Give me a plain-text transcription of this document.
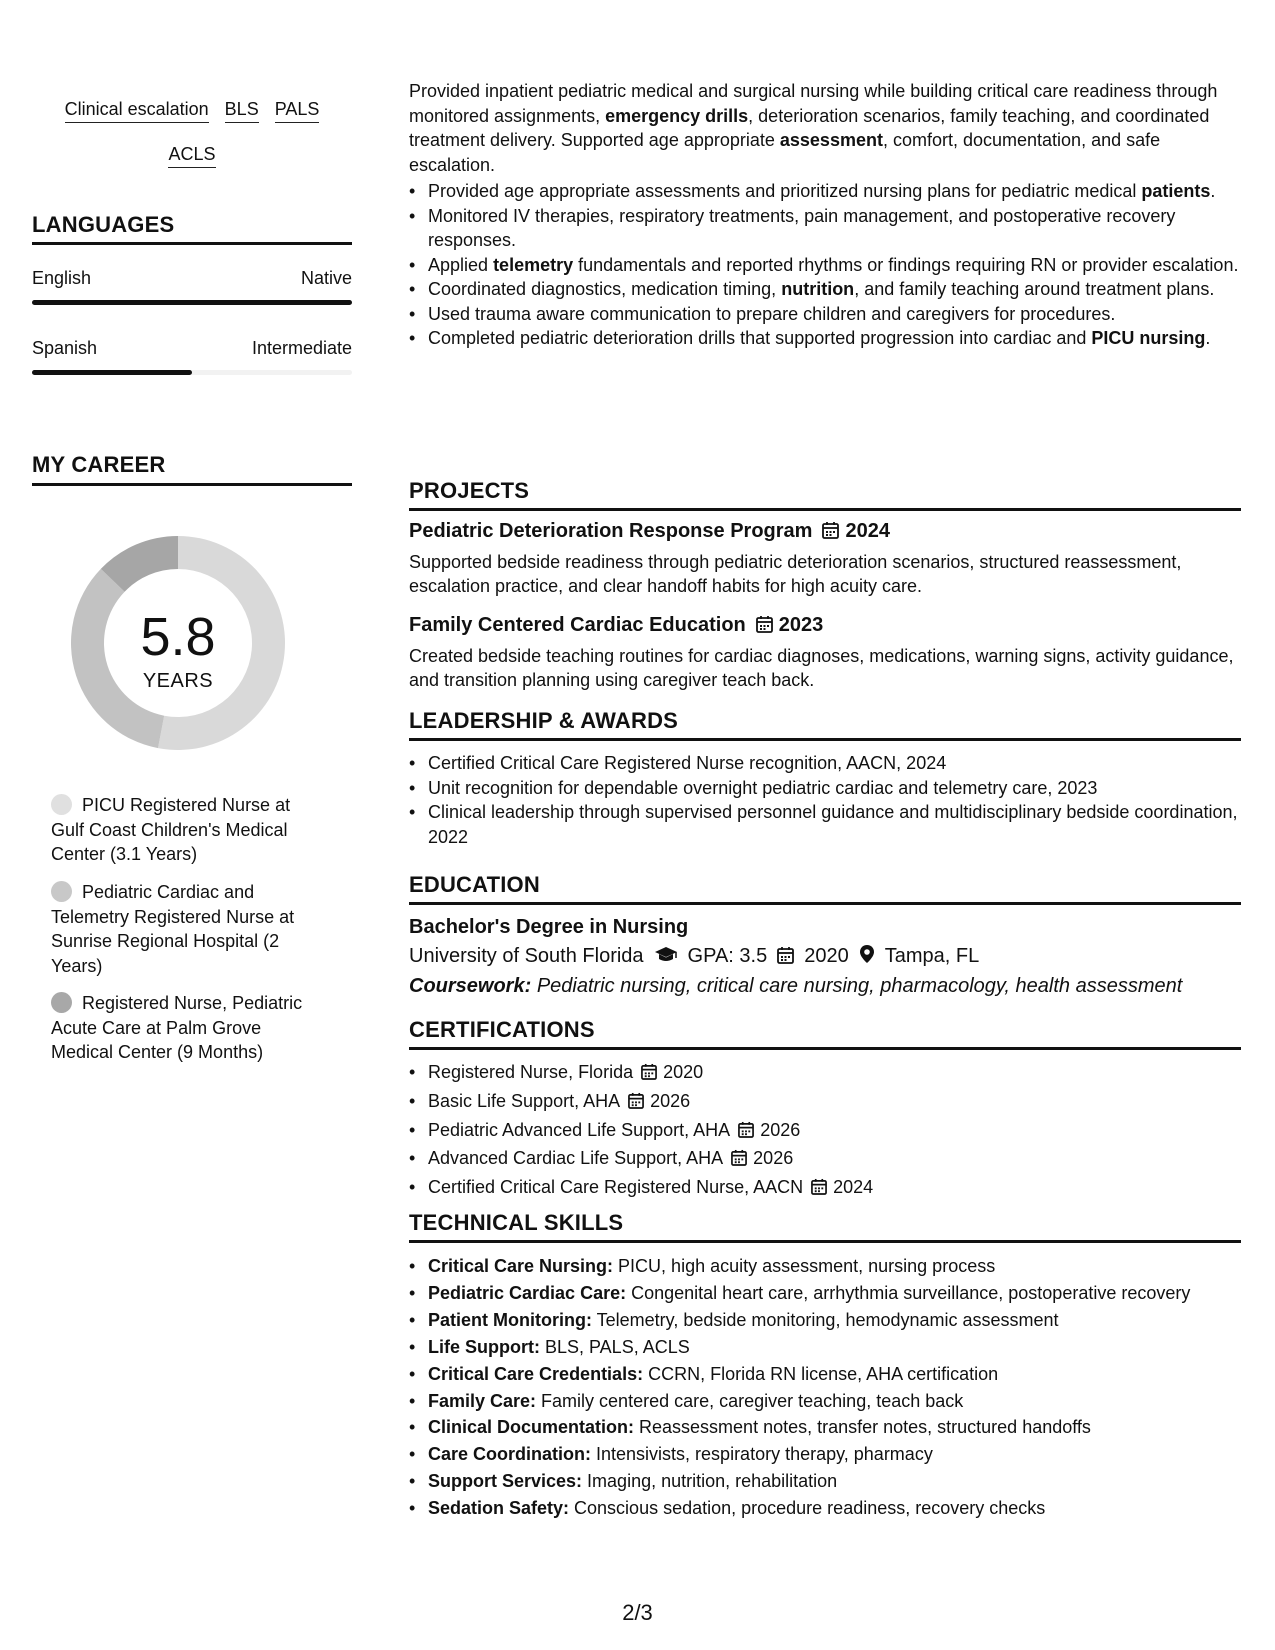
Clinical escalation BLS PALS
ACLS
LANGUAGES
English	Native
Spanish	Intermediate
MY CAREER
5.8
YEARS
PICU Registered Nurse at Gulf Coast Children's Medical Center (3.1 Years)
Pediatric Cardiac and Telemetry Registered Nurse at Sunrise Regional Hospital (2 Years)
Registered Nurse, Pediatric Acute Care at Palm Grove Medical Center (9 Months)
Provided inpatient pediatric medical and surgical nursing while building critical care readiness through monitored assignments, emergency drills, deterioration scenarios, family teaching, and coordinated treatment delivery. Supported age appropriate assessment, comfort, documentation, and safe escalation.
• Provided age appropriate assessments and prioritized nursing plans for pediatric medical patients.
• Monitored IV therapies, respiratory treatments, pain management, and postoperative recovery responses.
• Applied telemetry fundamentals and reported rhythms or findings requiring RN or provider escalation.
• Coordinated diagnostics, medication timing, nutrition, and family teaching around treatment plans.
• Used trauma aware communication to prepare children and caregivers for procedures.
• Completed pediatric deterioration drills that supported progression into cardiac and PICU nursing.
PROJECTS
Pediatric Deterioration Response Program 2024
Supported bedside readiness through pediatric deterioration scenarios, structured reassessment, escalation practice, and clear handoff habits for high acuity care.
Family Centered Cardiac Education 2023
Created bedside teaching routines for cardiac diagnoses, medications, warning signs, activity guidance, and transition planning using caregiver teach back.
LEADERSHIP & AWARDS
• Certified Critical Care Registered Nurse recognition, AACN, 2024
• Unit recognition for dependable overnight pediatric cardiac and telemetry care, 2023
• Clinical leadership through supervised personnel guidance and multidisciplinary bedside coordination, 2022
EDUCATION
Bachelor's Degree in Nursing
University of South Florida GPA: 3.5 2020 Tampa, FL
Coursework: Pediatric nursing, critical care nursing, pharmacology, health assessment
CERTIFICATIONS
• Registered Nurse, Florida 2020
• Basic Life Support, AHA 2026
• Pediatric Advanced Life Support, AHA 2026
• Advanced Cardiac Life Support, AHA 2026
• Certified Critical Care Registered Nurse, AACN 2024
TECHNICAL SKILLS
• Critical Care Nursing: PICU, high acuity assessment, nursing process
• Pediatric Cardiac Care: Congenital heart care, arrhythmia surveillance, postoperative recovery
• Patient Monitoring: Telemetry, bedside monitoring, hemodynamic assessment
• Life Support: BLS, PALS, ACLS
• Critical Care Credentials: CCRN, Florida RN license, AHA certification
• Family Care: Family centered care, caregiver teaching, teach back
• Clinical Documentation: Reassessment notes, transfer notes, structured handoffs
• Care Coordination: Intensivists, respiratory therapy, pharmacy
• Support Services: Imaging, nutrition, rehabilitation
• Sedation Safety: Conscious sedation, procedure readiness, recovery checks
2/3
